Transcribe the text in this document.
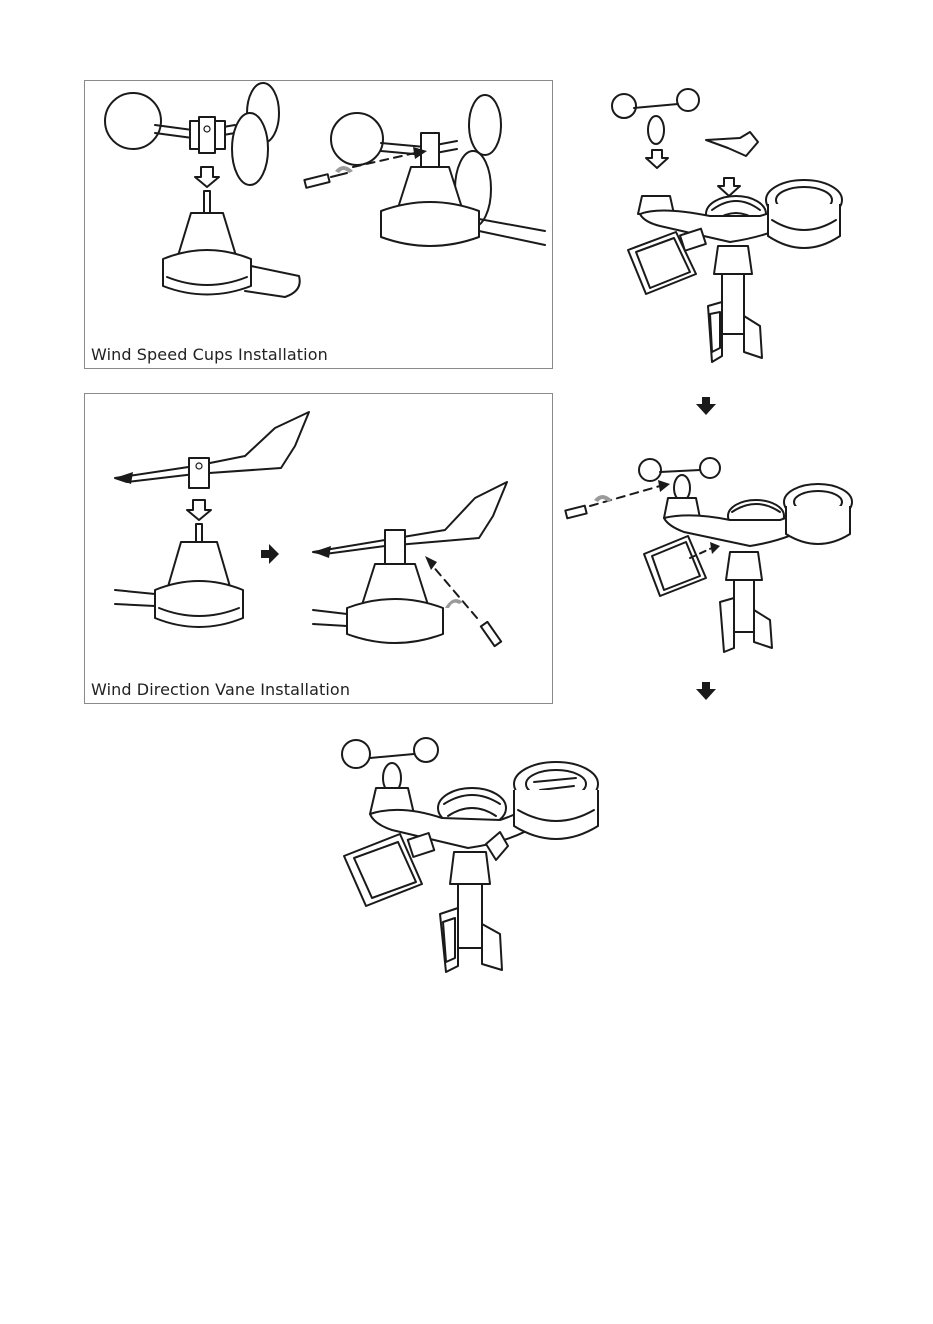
Wind Speed Cups Installation
Wind Direction Vane Installation
